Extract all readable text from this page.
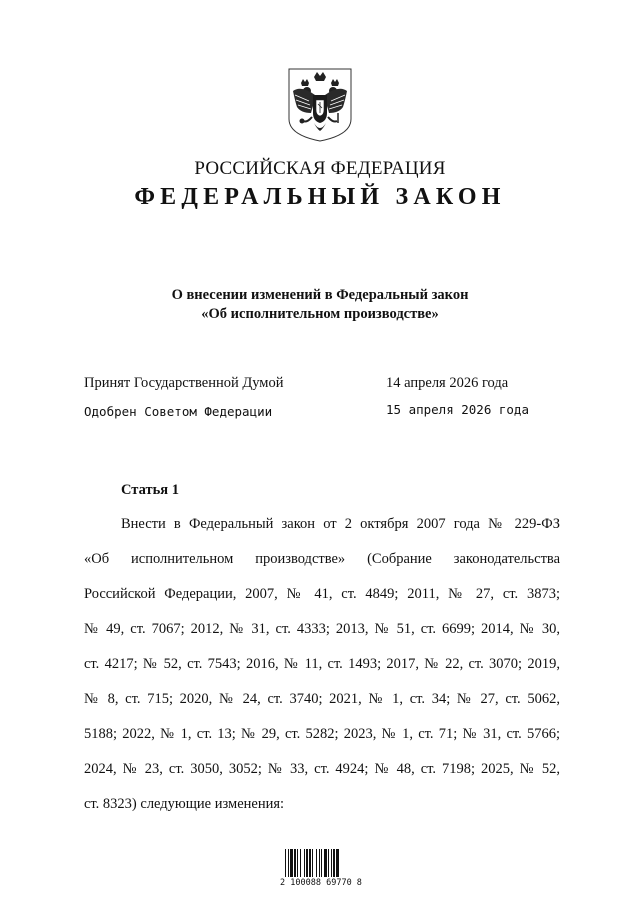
РОССИЙСКАЯ ФЕДЕРАЦИЯ
ФЕДЕРАЛЬНЫЙ ЗАКОН
О внесении изменений в Федеральный закон
«Об исполнительном производстве»
Принят Государственной Думой	14 апреля 2026 года
Одобрен Советом Федерации	15 апреля 2026 года
Статья 1
Внести в Федеральный закон от 2 октября 2007 года № 229-ФЗ
«Об исполнительном производстве» (Собрание законодательства
Российской Федерации, 2007, № 41, ст. 4849; 2011, № 27, ст. 3873;
№ 49, ст. 7067; 2012, № 31, ст. 4333; 2013, № 51, ст. 6699; 2014, № 30,
ст. 4217; № 52, ст. 7543; 2016, № 11, ст. 1493; 2017, № 22, ст. 3070; 2019,
№ 8, ст. 715; 2020, № 24, ст. 3740; 2021, № 1, ст. 34; № 27, ст. 5062,
5188; 2022, № 1, ст. 13; № 29, ст. 5282; 2023, № 1, ст. 71; № 31, ст. 5766;
2024, № 23, ст. 3050, 3052; № 33, ст. 4924; № 48, ст. 7198; 2025, № 52,
ст. 8323) следующие изменения:
2 100088 69770 8
